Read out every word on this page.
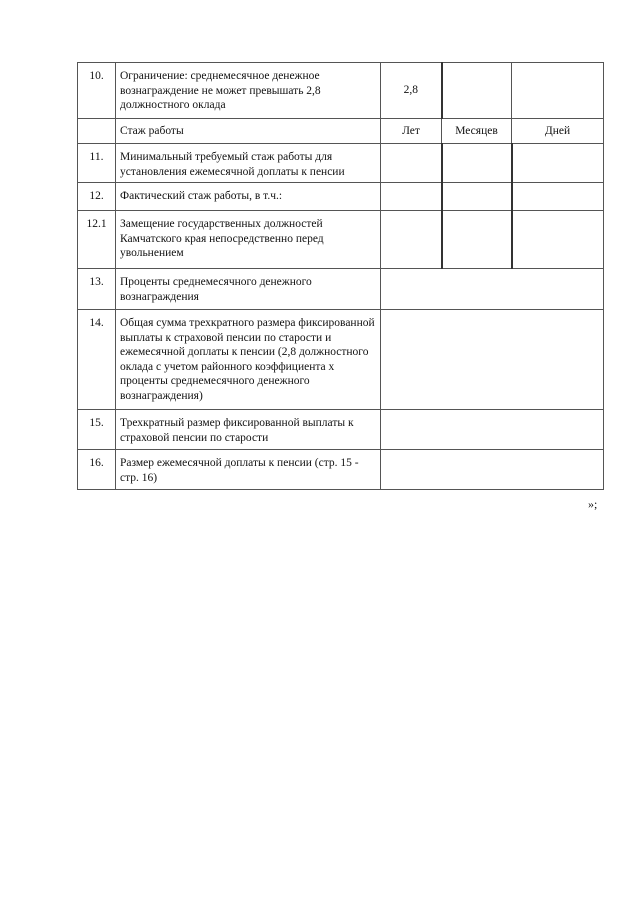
10.	Ограничение: среднемесячное денежное вознаграждение не может превышать 2,8 должностного оклада	2,8		
	Стаж работы	Лет	Месяцев	Дней
11.	Минимальный требуемый стаж работы для установления ежемесячной доплаты к пенсии			
12.	Фактический стаж работы, в т.ч.:			
12.1	Замещение государственных должностей Камчатского края непосредственно перед увольнением			
13.	Проценты среднемесячного денежного вознаграждения			
14.	Общая сумма трехкратного размера фиксированной выплаты к страховой пенсии по старости и ежемесячной доплаты к пенсии (2,8 должностного оклада с учетом районного коэффициента х проценты среднемесячного денежного вознаграждения)			
15.	Трехкратный размер фиксированной выплаты к страховой пенсии по старости			
16.	Размер ежемесячной доплаты к пенсии (стр. 15 - стр. 16)			
»;
